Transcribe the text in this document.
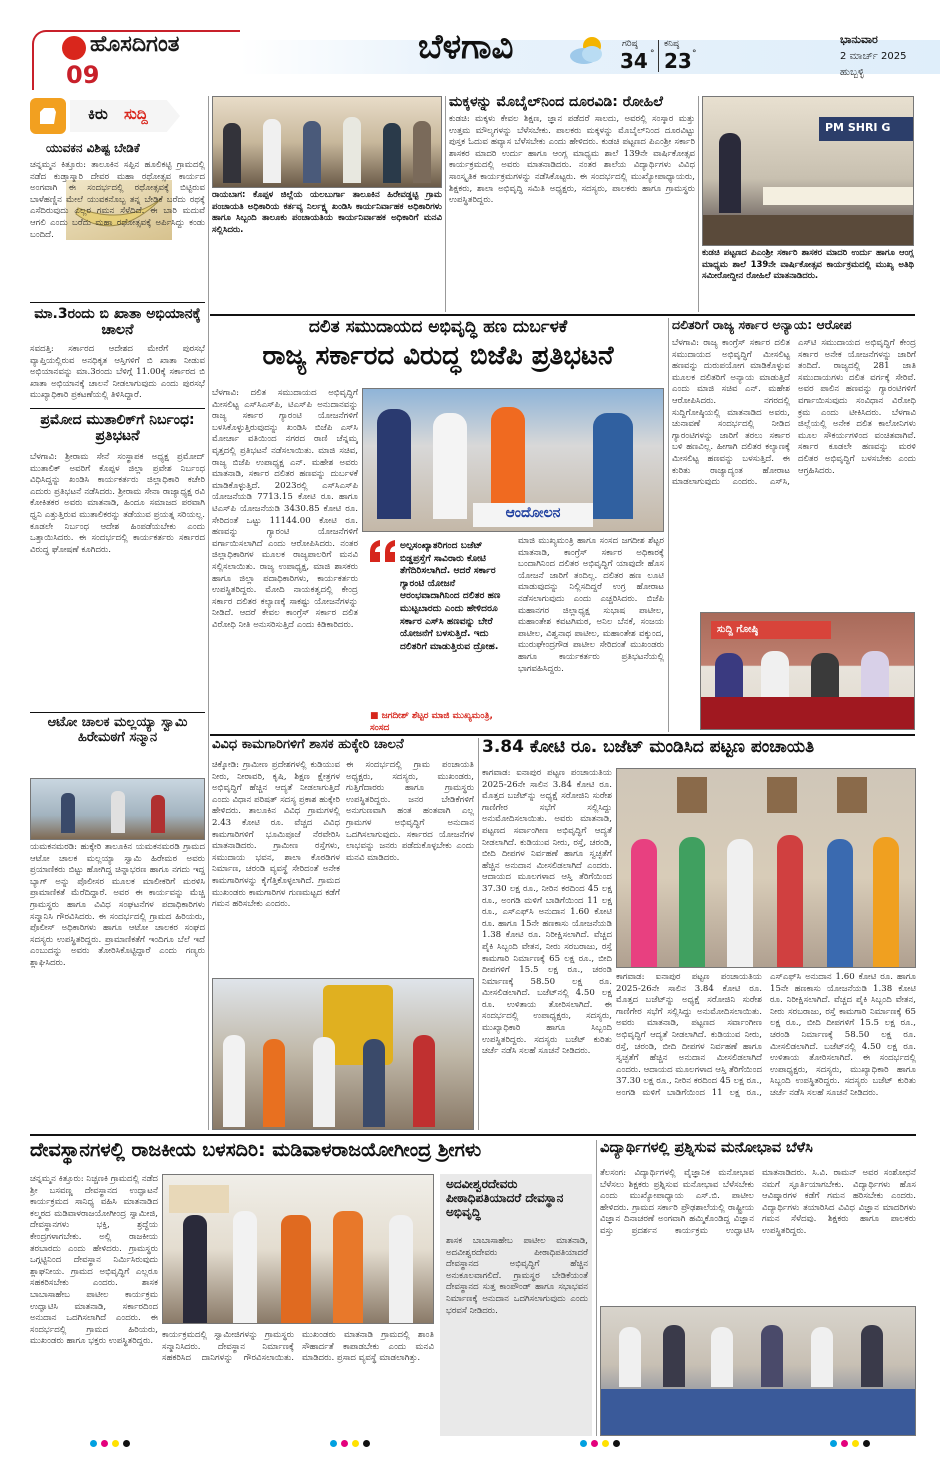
ಹೊಸದಿಗಂತ
09
ಬೆಳಗಾವಿ	ಗರಿಷ್ಠ
34 °
ಕನಿಷ್ಠ
23 °
ಭಾನುವಾರ
2 ಮಾರ್ಚ್ 2025
ಹುಬ್ಬಳ್ಳಿ
ಕಿರು	ಸುದ್ದಿ
ಯುವಕನ ವಿಶಿಷ್ಟ ಬೇಡಿಕೆ
ಚನ್ನಮ್ಮನ ಕಿತ್ತೂರು: ತಾಲೂಕಿನ ಸಪ್ಪಿನ ಹೂಲಿಕಟ್ಟಿ ಗ್ರಾಮದಲ್ಲಿ ನಡೆದ ಕುಡ್ತಾಸ್ಮಾರಿ ದೇವರ ಮಹಾ ರಥೋತ್ಸವ ಕಾರ್ಯದ ಅಂಗವಾಗಿ ಈ ಸಂದರ್ಭದಲ್ಲಿ ರಥೋತ್ಸವಕ್ಕೆ ಬಿಟ್ಟಿರುವ ಬಾಳೆಹಣ್ಣಿನ ಮೇಲೆ ಯುವಕನೊಬ್ಬ ತನ್ನ ಬೇಡಿಕೆ ಬರೆದು ರಥಕ್ಕೆ ಎಸೆದಿರುವುದು ಎಲ್ಲರ ಗಮನ ಸೆಳೆದಿದೆ. ಈ ಬಾರಿ ಮದುವೆ ಆಗಲಿ ಎಂದು ಬರೆದು ಮಹಾ ರಥೋತ್ಸವಕ್ಕೆ ಅರ್ಪಿಸಿದ್ದು ಕಂಡು ಬಂದಿದೆ.
ಮಾ.3ರಂದು ಬಿ ಖಾತಾ ಅಭಿಯಾನಕ್ಕೆ ಚಾಲನೆ
ಸವದತ್ತಿ: ಸರ್ಕಾರದ ಆದೇಶದ ಮೇರೆಗೆ ಪುರಸಭೆ ವ್ಯಾಪ್ತಿಯಲ್ಲಿರುವ ಅನಧಿಕೃತ ಆಸ್ತಿಗಳಿಗೆ ಬಿ ಖಾತಾ ನೀಡುವ ಅಭಿಯಾನವನ್ನು ಮಾ.3ರಂದು ಬೆಳಿಗ್ಗೆ 11.00ಕ್ಕೆ ಸರ್ಕಾರದ ಬಿ ಖಾತಾ ಅಭಿಯಾನಕ್ಕೆ ಚಾಲನೆ ನೀಡಲಾಗುವುದು ಎಂದು ಪುರಸಭೆ ಮುಖ್ಯಾಧಿಕಾರಿ ಪ್ರಕಟಣೆಯಲ್ಲಿ ತಿಳಿಸಿದ್ದಾರೆ.
ಪ್ರಮೋದ ಮುತಾಲಿಕ್‌ಗೆ ನಿರ್ಬಂಧ: ಪ್ರತಿಭಟನೆ
ಬೆಳಗಾವಿ: ಶ್ರೀರಾಮ ಸೇನೆ ಸಂಸ್ಥಾಪಕ ಅಧ್ಯಕ್ಷ ಪ್ರಮೋದ್ ಮುತಾಲಿಕ್ ಅವರಿಗೆ ಕೊಪ್ಪಳ ಜಿಲ್ಲಾ ಪ್ರವೇಶ ನಿರ್ಬಂಧ ವಿಧಿಸಿದ್ದನ್ನು ಖಂಡಿಸಿ ಕಾರ್ಯಕರ್ತರು ಜಿಲ್ಲಾಧಿಕಾರಿ ಕಚೇರಿ ಎದುರು ಪ್ರತಿಭಟನೆ ನಡೆಸಿದರು. ಶ್ರೀರಾಮ ಸೇನಾ ರಾಜ್ಯಾಧ್ಯಕ್ಷ ರವಿ ಕೋಕಿತಕರ ಅವರು ಮಾತನಾಡಿ, ಹಿಂದೂ ಸಮಾಜದ ಪರವಾಗಿ ಧ್ವನಿ ಎತ್ತುತ್ತಿರುವ ಮುತಾಲಿಕರನ್ನು ತಡೆಯುವ ಪ್ರಯತ್ನ ಸರಿಯಲ್ಲ. ಕೂಡಲೇ ನಿರ್ಬಂಧ ಆದೇಶ ಹಿಂಪಡೆಯಬೇಕು ಎಂದು ಒತ್ತಾಯಿಸಿದರು. ಈ ಸಂದರ್ಭದಲ್ಲಿ ಕಾರ್ಯಕರ್ತರು ಸರ್ಕಾರದ ವಿರುದ್ಧ ಘೋಷಣೆ ಕೂಗಿದರು.
ಆಟೋ ಚಾಲಕ ಮಲ್ಲಯ್ಯಾ ಸ್ವಾಮಿ ಹಿರೇಮಠಗೆ ಸನ್ಮಾನ
ಯಮಕನಮರಡಿ: ಹುಕ್ಕೇರಿ ತಾಲೂಕಿನ ಯಮಕನಮರಡಿ ಗ್ರಾಮದ ಆಟೋ ಚಾಲಕ ಮಲ್ಲಯ್ಯಾ ಸ್ವಾಮಿ ಹಿರೇಮಠ ಅವರು ಪ್ರಯಾಣಿಕರು ಬಿಟ್ಟು ಹೋಗಿದ್ದ ಚಿನ್ನಾಭರಣ ಹಾಗೂ ನಗದು ಇದ್ದ ಬ್ಯಾಗ್ ಅನ್ನು ಪೊಲೀಸರ ಮೂಲಕ ಮಾಲೀಕರಿಗೆ ಮರಳಿಸಿ ಪ್ರಾಮಾಣಿಕತೆ ಮೆರೆದಿದ್ದಾರೆ. ಅವರ ಈ ಕಾರ್ಯವನ್ನು ಮೆಚ್ಚಿ ಗ್ರಾಮಸ್ಥರು ಹಾಗೂ ವಿವಿಧ ಸಂಘಟನೆಗಳ ಪದಾಧಿಕಾರಿಗಳು ಸನ್ಮಾನಿಸಿ ಗೌರವಿಸಿದರು. ಈ ಸಂದರ್ಭದಲ್ಲಿ ಗ್ರಾಮದ ಹಿರಿಯರು, ಪೊಲೀಸ್ ಅಧಿಕಾರಿಗಳು ಹಾಗೂ ಆಟೋ ಚಾಲಕರ ಸಂಘದ ಸದಸ್ಯರು ಉಪಸ್ಥಿತರಿದ್ದರು. ಪ್ರಾಮಾಣಿಕತೆಗೆ ಇಂದಿಗೂ ಬೆಲೆ ಇದೆ ಎಂಬುದನ್ನು ಅವರು ತೋರಿಸಿಕೊಟ್ಟಿದ್ದಾರೆ ಎಂದು ಗಣ್ಯರು ಶ್ಲಾಘಿಸಿದರು.
ರಾಯಬಾಗ: ಕೊಪ್ಪಳ ಜಿಲ್ಲೆಯ ಯಲಬುರ್ಗಾ ತಾಲೂಕಿನ ಹಿರೇವಡ್ಡಟ್ಟಿ ಗ್ರಾಮ ಪಂಚಾಯತಿ ಅಧಿಕಾರಿಯ ಕರ್ತವ್ಯ ನಿರ್ಲಕ್ಷ್ಯ ಖಂಡಿಸಿ ಕಾರ್ಯನಿರ್ವಾಹಕ ಅಧಿಕಾರಿಗಳು ಹಾಗೂ ಸಿಬ್ಬಂದಿ ತಾಲೂಕು ಪಂಚಾಯತಿಯ ಕಾರ್ಯನಿರ್ವಾಹಕ ಅಧಿಕಾರಿಗೆ ಮನವಿ ಸಲ್ಲಿಸಿದರು.
ಮಕ್ಕಳನ್ನು ಮೊಬೈಲ್‌ನಿಂದ ದೂರವಿಡಿ: ರೋಹಿಲೆ
ಕುಡಚಿ: ಮಕ್ಕಳು ಕೇವಲ ಶಿಕ್ಷಣ, ಜ್ಞಾನ ಪಡೆದರೆ ಸಾಲದು, ಅವರಲ್ಲಿ ಸಂಸ್ಕಾರ ಮತ್ತು ಉತ್ತಮ ಮೌಲ್ಯಗಳನ್ನು ಬೆಳೆಸಬೇಕು. ಪಾಲಕರು ಮಕ್ಕಳನ್ನು ಮೊಬೈಲ್‌ನಿಂದ ದೂರವಿಟ್ಟು ಪುಸ್ತಕ ಓದುವ ಹವ್ಯಾಸ ಬೆಳೆಸಬೇಕು ಎಂದು ಹೇಳಿದರು. ಕುಡಚಿ ಪಟ್ಟಣದ ಪಿಎಂಶ್ರೀ ಸರ್ಕಾರಿ ಶಾಸಕರ ಮಾದರಿ ಉರ್ದು ಹಾಗೂ ಆಂಗ್ಲ ಮಾಧ್ಯಮ ಶಾಲೆ 139ನೇ ವಾರ್ಷಿಕೋತ್ಸವ ಕಾರ್ಯಕ್ರಮದಲ್ಲಿ ಅವರು ಮಾತನಾಡಿದರು. ನಂತರ ಶಾಲೆಯ ವಿದ್ಯಾರ್ಥಿಗಳು ವಿವಿಧ ಸಾಂಸ್ಕೃತಿಕ ಕಾರ್ಯಕ್ರಮಗಳನ್ನು ನಡೆಸಿಕೊಟ್ಟರು. ಈ ಸಂದರ್ಭದಲ್ಲಿ ಮುಖ್ಯೋಪಾಧ್ಯಾಯರು, ಶಿಕ್ಷಕರು, ಶಾಲಾ ಅಭಿವೃದ್ಧಿ ಸಮಿತಿ ಅಧ್ಯಕ್ಷರು, ಸದಸ್ಯರು, ಪಾಲಕರು ಹಾಗೂ ಗ್ರಾಮಸ್ಥರು ಉಪಸ್ಥಿತರಿದ್ದರು.
PM SHRI G
ಕುಡಚಿ ಪಟ್ಟಣದ ಪಿಎಂಶ್ರೀ ಸರ್ಕಾರಿ ಶಾಸಕರ ಮಾದರಿ ಉರ್ದು ಹಾಗೂ ಆಂಗ್ಲ ಮಾಧ್ಯಮ ಶಾಲೆ 139ನೇ ವಾರ್ಷಿಕೋತ್ಸವ ಕಾರ್ಯಕ್ರಮದಲ್ಲಿ ಮುಖ್ಯ ಅತಿಥಿ ಸಮೀರೋದ್ದೀನ ರೋಹಿಲೆ ಮಾತನಾಡಿದರು.
ದಲಿತ ಸಮುದಾಯದ ಅಭಿವೃದ್ಧಿ ಹಣ ದುರ್ಬಳಕೆ
ರಾಜ್ಯ ಸರ್ಕಾರದ ವಿರುದ್ಧ ಬಿಜೆಪಿ ಪ್ರತಿಭಟನೆ
ಬೆಳಗಾವಿ: ದಲಿತ ಸಮುದಾಯದ ಅಭಿವೃದ್ಧಿಗೆ ಮೀಸಲಿಟ್ಟ ಎಸ್‌ಸಿಎಸ್‌ಪಿ, ಟಿಎಸ್‌ಪಿ ಅನುದಾನವನ್ನು ರಾಜ್ಯ ಸರ್ಕಾರ ಗ್ಯಾರಂಟಿ ಯೋಜನೆಗಳಿಗೆ ಬಳಸಿಕೊಳ್ಳುತ್ತಿರುವುದನ್ನು ಖಂಡಿಸಿ ಬಿಜೆಪಿ ಎಸ್‌ಸಿ ಮೋರ್ಚಾ ವತಿಯಿಂದ ನಗರದ ರಾಣಿ ಚೆನ್ನಮ್ಮ ವೃತ್ತದಲ್ಲಿ ಪ್ರತಿಭಟನೆ ನಡೆಸಲಾಯಿತು. ಮಾಜಿ ಸಚಿವ, ರಾಜ್ಯ ಬಿಜೆಪಿ ಉಪಾಧ್ಯಕ್ಷ ಎನ್. ಮಹೇಶ ಅವರು ಮಾತನಾಡಿ, ಸರ್ಕಾರ ದಲಿತರ ಹಣವನ್ನು ದುರ್ಬಳಕೆ ಮಾಡಿಕೊಳ್ಳುತ್ತಿದೆ. 2023ರಲ್ಲಿ ಎಸ್‌ಸಿಎಸ್‌ಪಿ ಯೋಜನೆಯಡಿ 7713.15 ಕೋಟಿ ರೂ. ಹಾಗೂ ಟಿಎಸ್‌ಪಿ ಯೋಜನೆಯಡಿ 3430.85 ಕೋಟಿ ರೂ. ಸೇರಿದಂತೆ ಒಟ್ಟು 11144.00 ಕೋಟಿ ರೂ. ಹಣವನ್ನು ಗ್ಯಾರಂಟಿ ಯೋಜನೆಗಳಿಗೆ ವರ್ಗಾಯಿಸಲಾಗಿದೆ ಎಂದು ಆರೋಪಿಸಿದರು. ನಂತರ ಜಿಲ್ಲಾಧಿಕಾರಿಗಳ ಮೂಲಕ ರಾಜ್ಯಪಾಲರಿಗೆ ಮನವಿ ಸಲ್ಲಿಸಲಾಯಿತು. ರಾಜ್ಯ ಉಪಾಧ್ಯಕ್ಷ, ಮಾಜಿ ಶಾಸಕರು ಹಾಗೂ ಜಿಲ್ಲಾ ಪದಾಧಿಕಾರಿಗಳು, ಕಾರ್ಯಕರ್ತರು ಉಪಸ್ಥಿತರಿದ್ದರು. ಮೋದಿ ನಾಯಕತ್ವದಲ್ಲಿ ಕೇಂದ್ರ ಸರ್ಕಾರ ದಲಿತರ ಕಲ್ಯಾಣಕ್ಕೆ ಸಾಕಷ್ಟು ಯೋಜನೆಗಳನ್ನು ನೀಡಿದೆ. ಆದರೆ ಕೇವಲ ಕಾಂಗ್ರೆಸ್ ಸರ್ಕಾರ ದಲಿತ ವಿರೋಧಿ ನೀತಿ ಅನುಸರಿಸುತ್ತಿದೆ ಎಂದು ಕಿಡಿಕಾರಿದರು.
ಆಂದೋಲನ
ಅಲ್ಪಸಂಖ್ಯಾತರಿಗಂದ ಬಜೆಟ್ ಬಿಡ್ಡಪ್ರಸ್ತೆಗೆ ಸಾವಿರಾರು ಕೋಟಿ ತೆಗೆದಿರಿಸಲಾಗಿದೆ. ಆದರೆ ಸರ್ಕಾರ ಗ್ಯಾರಂಟಿ ಯೋಜನೆ ಆರಂಭವಾದಾಗಿನಿಂದ ದಲಿತರ ಹಣ ಮುಟ್ಟಬಾರದು ಎಂದು ಹೇಳಿದರೂ ಸರ್ಕಾರ ಎಸ್‌ಸಿ ಹಣವನ್ನು ಬೇರೆ ಯೋಜನೆಗೆ ಬಳಸುತ್ತಿದೆ. ಇದು ದಲಿತರಿಗೆ ಮಾಡುತ್ತಿರುವ ದ್ರೋಹ.
■ ಜಗದೀಶ್ ಶೆಟ್ಟರ ಮಾಜಿ ಮುಖ್ಯಮಂತ್ರಿ, ಸಂಸದ
ಮಾಜಿ ಮುಖ್ಯಮಂತ್ರಿ ಹಾಗೂ ಸಂಸದ ಜಗದೀಶ ಶೆಟ್ಟರ ಮಾತನಾಡಿ, ಕಾಂಗ್ರೆಸ್ ಸರ್ಕಾರ ಅಧಿಕಾರಕ್ಕೆ ಬಂದಾಗಿನಿಂದ ದಲಿತರ ಅಭಿವೃದ್ಧಿಗೆ ಯಾವುದೇ ಹೊಸ ಯೋಜನೆ ಜಾರಿಗೆ ತಂದಿಲ್ಲ. ದಲಿತರ ಹಣ ಲೂಟಿ ಮಾಡುವುದನ್ನು ನಿಲ್ಲಿಸದಿದ್ದರೆ ಉಗ್ರ ಹೋರಾಟ ನಡೆಸಲಾಗುವುದು ಎಂದು ಎಚ್ಚರಿಸಿದರು. ಬಿಜೆಪಿ ಮಹಾನಗರ ಜಿಲ್ಲಾಧ್ಯಕ್ಷ ಸುಭಾಷ ಪಾಟೀಲ, ಮಹಾಂತೇಶ ಕವಟಗಿಮಠ, ಅನಿಲ ಬೆನಕೆ, ಸಂಜಯ ಪಾಟೀಲ, ವಿಶ್ವನಾಥ ಪಾಟೀಲ, ಮಹಾಂತೇಶ ವಕ್ಕುಂದ, ಮುರುಘೇಂದ್ರಗೌಡ ಪಾಟೀಲ ಸೇರಿದಂತೆ ಮುಖಂಡರು ಹಾಗೂ ಕಾರ್ಯಕರ್ತರು ಪ್ರತಿಭಟನೆಯಲ್ಲಿ ಭಾಗವಹಿಸಿದ್ದರು.
ದಲಿತರಿಗೆ ರಾಜ್ಯ ಸರ್ಕಾರ ಅನ್ಯಾಯ: ಆರೋಪ
ಬೆಳಗಾವಿ: ರಾಜ್ಯ ಕಾಂಗ್ರೆಸ್ ಸರ್ಕಾರ ದಲಿತ ಸಮುದಾಯದ ಅಭಿವೃದ್ಧಿಗೆ ಮೀಸಲಿಟ್ಟ ಹಣವನ್ನು ದುರುಪಯೋಗ ಮಾಡಿಕೊಳ್ಳುವ ಮೂಲಕ ದಲಿತರಿಗೆ ಅನ್ಯಾಯ ಮಾಡುತ್ತಿದೆ ಎಂದು ಮಾಜಿ ಸಚಿವ ಎನ್. ಮಹೇಶ ಆರೋಪಿಸಿದರು. ನಗರದಲ್ಲಿ ಸುದ್ದಿಗೋಷ್ಠಿಯಲ್ಲಿ ಮಾತನಾಡಿದ ಅವರು, ಚುನಾವಣೆ ಸಂದರ್ಭದಲ್ಲಿ ನೀಡಿದ ಗ್ಯಾರಂಟಿಗಳನ್ನು ಜಾರಿಗೆ ತರಲು ಸರ್ಕಾರ ಬಳಿ ಹಣವಿಲ್ಲ. ಹೀಗಾಗಿ ದಲಿತರ ಕಲ್ಯಾಣಕ್ಕೆ ಮೀಸಲಿಟ್ಟ ಹಣವನ್ನು ಬಳಸುತ್ತಿದೆ. ಈ ಕುರಿತು ರಾಜ್ಯಾದ್ಯಂತ ಹೋರಾಟ ಮಾಡಲಾಗುವುದು ಎಂದರು. ಎಸ್‌ಸಿ, ಎಸ್‌ಟಿ ಸಮುದಾಯದ ಅಭಿವೃದ್ಧಿಗೆ ಕೇಂದ್ರ ಸರ್ಕಾರ ಅನೇಕ ಯೋಜನೆಗಳನ್ನು ಜಾರಿಗೆ ತಂದಿದೆ. ರಾಜ್ಯದಲ್ಲಿ 281 ಜಾತಿ ಸಮುದಾಯಗಳು ದಲಿತ ವರ್ಗಕ್ಕೆ ಸೇರಿವೆ. ಅವರ ಪಾಲಿನ ಹಣವನ್ನು ಗ್ಯಾರಂಟಿಗಳಿಗೆ ವರ್ಗಾಯಿಸುವುದು ಸಂವಿಧಾನ ವಿರೋಧಿ ಕ್ರಮ ಎಂದು ಟೀಕಿಸಿದರು. ಬೆಳಗಾವಿ ಜಿಲ್ಲೆಯಲ್ಲಿ ಅನೇಕ ದಲಿತ ಕಾಲೋನಿಗಳು ಮೂಲ ಸೌಕರ್ಯಗಳಿಂದ ವಂಚಿತವಾಗಿವೆ. ಸರ್ಕಾರ ಕೂಡಲೇ ಹಣವನ್ನು ಮರಳಿ ದಲಿತರ ಅಭಿವೃದ್ಧಿಗೆ ಬಳಸಬೇಕು ಎಂದು ಆಗ್ರಹಿಸಿದರು.
ಸುದ್ದಿ ಗೋಷ್ಠಿ
ವಿವಿಧ ಕಾಮಗಾರಿಗಳಿಗೆ ಶಾಸಕ ಹುಕ್ಕೇರಿ ಚಾಲನೆ
ಚಿಕ್ಕೋಡಿ: ಗ್ರಾಮೀಣ ಪ್ರದೇಶಗಳಲ್ಲಿ ಕುಡಿಯುವ ನೀರು, ನೀರಾವರಿ, ಕೃಷಿ, ಶಿಕ್ಷಣ ಕ್ಷೇತ್ರಗಳ ಅಭಿವೃದ್ಧಿಗೆ ಹೆಚ್ಚಿನ ಆದ್ಯತೆ ನೀಡಲಾಗುತ್ತಿದೆ ಎಂದು ವಿಧಾನ ಪರಿಷತ್ ಸದಸ್ಯ ಪ್ರಕಾಶ ಹುಕ್ಕೇರಿ ಹೇಳಿದರು. ತಾಲೂಕಿನ ವಿವಿಧ ಗ್ರಾಮಗಳಲ್ಲಿ 2.43 ಕೋಟಿ ರೂ. ವೆಚ್ಚದ ವಿವಿಧ ಕಾಮಗಾರಿಗಳಿಗೆ ಭೂಮಿಪೂಜೆ ನೆರವೇರಿಸಿ ಮಾತನಾಡಿದರು. ಗ್ರಾಮೀಣ ರಸ್ತೆಗಳು, ಸಮುದಾಯ ಭವನ, ಶಾಲಾ ಕೊಠಡಿಗಳ ನಿರ್ಮಾಣ, ಚರಂಡಿ ವ್ಯವಸ್ಥೆ ಸೇರಿದಂತೆ ಅನೇಕ ಕಾಮಗಾರಿಗಳನ್ನು ಕೈಗೆತ್ತಿಕೊಳ್ಳಲಾಗಿದೆ. ಗ್ರಾಮದ ಮುಖಂಡರು ಕಾಮಗಾರಿಗಳ ಗುಣಮಟ್ಟದ ಕಡೆಗೆ ಗಮನ ಹರಿಸಬೇಕು ಎಂದರು.
ಈ ಸಂದರ್ಭದಲ್ಲಿ ಗ್ರಾಮ ಪಂಚಾಯತಿ ಅಧ್ಯಕ್ಷರು, ಸದಸ್ಯರು, ಮುಖಂಡರು, ಗುತ್ತಿಗೆದಾರರು ಹಾಗೂ ಗ್ರಾಮಸ್ಥರು ಉಪಸ್ಥಿತರಿದ್ದರು. ಜನರ ಬೇಡಿಕೆಗಳಿಗೆ ಅನುಗುಣವಾಗಿ ಹಂತ ಹಂತವಾಗಿ ಎಲ್ಲ ಗ್ರಾಮಗಳ ಅಭಿವೃದ್ಧಿಗೆ ಅನುದಾನ ಒದಗಿಸಲಾಗುವುದು. ಸರ್ಕಾರದ ಯೋಜನೆಗಳ ಲಾಭವನ್ನು ಜನರು ಪಡೆದುಕೊಳ್ಳಬೇಕು ಎಂದು ಮನವಿ ಮಾಡಿದರು.
3.84 ಕೋಟಿ ರೂ. ಬಜೆಟ್ ಮಂಡಿಸಿದ ಪಟ್ಟಣ ಪಂಚಾಯತಿ
ಕಾಗವಾಡ: ಐನಾಪುರ ಪಟ್ಟಣ ಪಂಚಾಯತಿಯ 2025-26ನೇ ಸಾಲಿನ 3.84 ಕೋಟಿ ರೂ. ಮೊತ್ತದ ಬಜೆಟ್‌ನ್ನು ಅಧ್ಯಕ್ಷೆ ಸರೋಜಿನಿ ಸುರೇಶ ಗಾಣಿಗೇರ ಸಭೆಗೆ ಸಲ್ಲಿಸಿದ್ದು ಅನುಮೋದಿಸಲಾಯಿತು. ಅವರು ಮಾತನಾಡಿ, ಪಟ್ಟಣದ ಸರ್ವಾಂಗೀಣ ಅಭಿವೃದ್ಧಿಗೆ ಆದ್ಯತೆ ನೀಡಲಾಗಿದೆ. ಕುಡಿಯುವ ನೀರು, ರಸ್ತೆ, ಚರಂಡಿ, ಬೀದಿ ದೀಪಗಳ ನಿರ್ವಹಣೆ ಹಾಗೂ ಸ್ವಚ್ಛತೆಗೆ ಹೆಚ್ಚಿನ ಅನುದಾನ ಮೀಸಲಿಡಲಾಗಿದೆ ಎಂದರು. ಆದಾಯದ ಮೂಲಗಳಾದ ಆಸ್ತಿ ತೆರಿಗೆಯಿಂದ 37.30 ಲಕ್ಷ ರೂ., ನೀರಿನ ಕರದಿಂದ 45 ಲಕ್ಷ ರೂ., ಅಂಗಡಿ ಮಳಿಗೆ ಬಾಡಿಗೆಯಿಂದ 11 ಲಕ್ಷ ರೂ., ಎಸ್‌ಎಫ್‌ಸಿ ಅನುದಾನ 1.60 ಕೋಟಿ ರೂ. ಹಾಗೂ 15ನೇ ಹಣಕಾಸು ಯೋಜನೆಯಡಿ 1.38 ಕೋಟಿ ರೂ. ನಿರೀಕ್ಷಿಸಲಾಗಿದೆ. ವೆಚ್ಚದ ಪೈಕಿ ಸಿಬ್ಬಂದಿ ವೇತನ, ನೀರು ಸರಬರಾಜು, ರಸ್ತೆ ಕಾಮಗಾರಿ ನಿರ್ಮಾಣಕ್ಕೆ 65 ಲಕ್ಷ ರೂ., ಬೀದಿ ದೀಪಗಳಿಗೆ 15.5 ಲಕ್ಷ ರೂ., ಚರಂಡಿ ನಿರ್ಮಾಣಕ್ಕೆ 58.50 ಲಕ್ಷ ರೂ. ಮೀಸಲಿಡಲಾಗಿದೆ. ಬಜೆಟ್‌ನಲ್ಲಿ 4.50 ಲಕ್ಷ ರೂ. ಉಳಿತಾಯ ತೋರಿಸಲಾಗಿದೆ. ಈ ಸಂದರ್ಭದಲ್ಲಿ ಉಪಾಧ್ಯಕ್ಷರು, ಸದಸ್ಯರು, ಮುಖ್ಯಾಧಿಕಾರಿ ಹಾಗೂ ಸಿಬ್ಬಂದಿ ಉಪಸ್ಥಿತರಿದ್ದರು. ಸದಸ್ಯರು ಬಜೆಟ್ ಕುರಿತು ಚರ್ಚೆ ನಡೆಸಿ ಸಲಹೆ ಸೂಚನೆ ನೀಡಿದರು.
ಕಾಗವಾಡ: ಐನಾಪುರ ಪಟ್ಟಣ ಪಂಚಾಯತಿಯ 2025-26ನೇ ಸಾಲಿನ 3.84 ಕೋಟಿ ರೂ. ಮೊತ್ತದ ಬಜೆಟ್‌ನ್ನು ಅಧ್ಯಕ್ಷೆ ಸರೋಜಿನಿ ಸುರೇಶ ಗಾಣಿಗೇರ ಸಭೆಗೆ ಸಲ್ಲಿಸಿದ್ದು ಅನುಮೋದಿಸಲಾಯಿತು. ಅವರು ಮಾತನಾಡಿ, ಪಟ್ಟಣದ ಸರ್ವಾಂಗೀಣ ಅಭಿವೃದ್ಧಿಗೆ ಆದ್ಯತೆ ನೀಡಲಾಗಿದೆ. ಕುಡಿಯುವ ನೀರು, ರಸ್ತೆ, ಚರಂಡಿ, ಬೀದಿ ದೀಪಗಳ ನಿರ್ವಹಣೆ ಹಾಗೂ ಸ್ವಚ್ಛತೆಗೆ ಹೆಚ್ಚಿನ ಅನುದಾನ ಮೀಸಲಿಡಲಾಗಿದೆ ಎಂದರು. ಆದಾಯದ ಮೂಲಗಳಾದ ಆಸ್ತಿ ತೆರಿಗೆಯಿಂದ 37.30 ಲಕ್ಷ ರೂ., ನೀರಿನ ಕರದಿಂದ 45 ಲಕ್ಷ ರೂ., ಅಂಗಡಿ ಮಳಿಗೆ ಬಾಡಿಗೆಯಿಂದ 11 ಲಕ್ಷ ರೂ., ಎಸ್‌ಎಫ್‌ಸಿ ಅನುದಾನ 1.60 ಕೋಟಿ ರೂ. ಹಾಗೂ 15ನೇ ಹಣಕಾಸು ಯೋಜನೆಯಡಿ 1.38 ಕೋಟಿ ರೂ. ನಿರೀಕ್ಷಿಸಲಾಗಿದೆ. ವೆಚ್ಚದ ಪೈಕಿ ಸಿಬ್ಬಂದಿ ವೇತನ, ನೀರು ಸರಬರಾಜು, ರಸ್ತೆ ಕಾಮಗಾರಿ ನಿರ್ಮಾಣಕ್ಕೆ 65 ಲಕ್ಷ ರೂ., ಬೀದಿ ದೀಪಗಳಿಗೆ 15.5 ಲಕ್ಷ ರೂ., ಚರಂಡಿ ನಿರ್ಮಾಣಕ್ಕೆ 58.50 ಲಕ್ಷ ರೂ. ಮೀಸಲಿಡಲಾಗಿದೆ. ಬಜೆಟ್‌ನಲ್ಲಿ 4.50 ಲಕ್ಷ ರೂ. ಉಳಿತಾಯ ತೋರಿಸಲಾಗಿದೆ. ಈ ಸಂದರ್ಭದಲ್ಲಿ ಉಪಾಧ್ಯಕ್ಷರು, ಸದಸ್ಯರು, ಮುಖ್ಯಾಧಿಕಾರಿ ಹಾಗೂ ಸಿಬ್ಬಂದಿ ಉಪಸ್ಥಿತರಿದ್ದರು. ಸದಸ್ಯರು ಬಜೆಟ್ ಕುರಿತು ಚರ್ಚೆ ನಡೆಸಿ ಸಲಹೆ ಸೂಚನೆ ನೀಡಿದರು.
ದೇವಸ್ಥಾನಗಳಲ್ಲಿ ರಾಜಕೀಯ ಬಳಸದಿರಿ: ಮಡಿವಾಳರಾಜಯೋಗೀಂದ್ರ ಶ್ರೀಗಳು
ಚನ್ನಮ್ಮನ ಕಿತ್ತೂರು: ನಿಚ್ಚಣಕಿ ಗ್ರಾಮದಲ್ಲಿ ನಡೆದ ಶ್ರೀ ಬಸವಣ್ಣ ದೇವಸ್ಥಾನದ ಉದ್ಘಾಟನೆ ಕಾರ್ಯಕ್ರಮದ ಸಾನಿಧ್ಯ ವಹಿಸಿ ಮಾತನಾಡಿದ ಕಲ್ಮಠದ ಮಡಿವಾಳರಾಜಯೋಗೀಂದ್ರ ಸ್ವಾಮೀಜಿ, ದೇವಸ್ಥಾನಗಳು ಭಕ್ತಿ, ಶ್ರದ್ಧೆಯ ಕೇಂದ್ರಗಳಾಗಬೇಕು. ಅಲ್ಲಿ ರಾಜಕೀಯ ತರಬಾರದು ಎಂದು ಹೇಳಿದರು. ಗ್ರಾಮಸ್ಥರು ಒಗ್ಗಟ್ಟಿನಿಂದ ದೇವಸ್ಥಾನ ನಿರ್ಮಿಸಿರುವುದು ಶ್ಲಾಘನೀಯ. ಗ್ರಾಮದ ಅಭಿವೃದ್ಧಿಗೆ ಎಲ್ಲರೂ ಸಹಕರಿಸಬೇಕು ಎಂದರು. ಶಾಸಕ ಬಾಬಾಸಾಹೇಬ ಪಾಟೀಲ ಕಾರ್ಯಕ್ರಮ ಉದ್ಘಾಟಿಸಿ ಮಾತನಾಡಿ, ಸರ್ಕಾರದಿಂದ ಅನುದಾನ ಒದಗಿಸಲಾಗಿದೆ ಎಂದರು. ಈ ಸಂದರ್ಭದಲ್ಲಿ ಗ್ರಾಮದ ಹಿರಿಯರು, ಮುಖಂಡರು ಹಾಗೂ ಭಕ್ತರು ಉಪಸ್ಥಿತರಿದ್ದರು.
ಕಾರ್ಯಕ್ರಮದಲ್ಲಿ ಸ್ವಾಮೀಜಿಗಳನ್ನು ಗ್ರಾಮಸ್ಥರು ಸನ್ಮಾನಿಸಿದರು. ದೇವಸ್ಥಾನ ನಿರ್ಮಾಣಕ್ಕೆ ಸಹಕರಿಸಿದ ದಾನಿಗಳನ್ನು ಗೌರವಿಸಲಾಯಿತು. ಮುಖಂಡರು ಮಾತನಾಡಿ ಗ್ರಾಮದಲ್ಲಿ ಶಾಂತಿ ಸೌಹಾರ್ದತೆ ಕಾಪಾಡಬೇಕು ಎಂದು ಮನವಿ ಮಾಡಿದರು. ಪ್ರಸಾದ ವ್ಯವಸ್ಥೆ ಮಾಡಲಾಗಿತ್ತು.
ಅದವೀಶ್ವರದೇವರು ಪೀಠಾಧಿಪತಿಯಾದರೆ ದೇವಸ್ಥಾನ ಅಭಿವೃದ್ಧಿ
ಶಾಸಕ ಬಾಬಾಸಾಹೇಬ ಪಾಟೀಲ ಮಾತನಾಡಿ, ಅದವೀಶ್ವರದೇವರು ಪೀಠಾಧಿಪತಿಯಾದರೆ ದೇವಸ್ಥಾನದ ಅಭಿವೃದ್ಧಿಗೆ ಹೆಚ್ಚಿನ ಅನುಕೂಲವಾಗಲಿದೆ. ಗ್ರಾಮಸ್ಥರ ಬೇಡಿಕೆಯಂತೆ ದೇವಸ್ಥಾನದ ಸುತ್ತ ಕಾಂಪೌಂಡ್ ಹಾಗೂ ಸಭಾಭವನ ನಿರ್ಮಾಣಕ್ಕೆ ಅನುದಾನ ಒದಗಿಸಲಾಗುವುದು ಎಂದು ಭರವಸೆ ನೀಡಿದರು.
ವಿದ್ಯಾರ್ಥಿಗಳಲ್ಲಿ ಪ್ರಶ್ನಿಸುವ ಮನೋಭಾವ ಬೆಳೆಸಿ
ತೆಲಸಂಗ: ವಿದ್ಯಾರ್ಥಿಗಳಲ್ಲಿ ವೈಜ್ಞಾನಿಕ ಮನೋಭಾವ ಬೆಳೆಸಲು ಶಿಕ್ಷಕರು ಪ್ರಶ್ನಿಸುವ ಮನೋಭಾವ ಬೆಳೆಸಬೇಕು ಎಂದು ಮುಖ್ಯೋಪಾಧ್ಯಾಯ ಎಸ್.ಬಿ. ಪಾಟೀಲ ಹೇಳಿದರು. ಗ್ರಾಮದ ಸರ್ಕಾರಿ ಪ್ರೌಢಶಾಲೆಯಲ್ಲಿ ರಾಷ್ಟ್ರೀಯ ವಿಜ್ಞಾನ ದಿನಾಚರಣೆ ಅಂಗವಾಗಿ ಹಮ್ಮಿಕೊಂಡಿದ್ದ ವಿಜ್ಞಾನ ವಸ್ತು ಪ್ರದರ್ಶನ ಕಾರ್ಯಕ್ರಮ ಉದ್ಘಾಟಿಸಿ ಮಾತನಾಡಿದರು. ಸಿ.ವಿ. ರಾಮನ್ ಅವರ ಸಂಶೋಧನೆ ನಮಗೆ ಸ್ಫೂರ್ತಿಯಾಗಬೇಕು. ವಿದ್ಯಾರ್ಥಿಗಳು ಹೊಸ ಆವಿಷ್ಕಾರಗಳ ಕಡೆಗೆ ಗಮನ ಹರಿಸಬೇಕು ಎಂದರು. ವಿದ್ಯಾರ್ಥಿಗಳು ತಯಾರಿಸಿದ ವಿವಿಧ ವಿಜ್ಞಾನ ಮಾದರಿಗಳು ಗಮನ ಸೆಳೆದವು. ಶಿಕ್ಷಕರು ಹಾಗೂ ಪಾಲಕರು ಉಪಸ್ಥಿತರಿದ್ದರು.
